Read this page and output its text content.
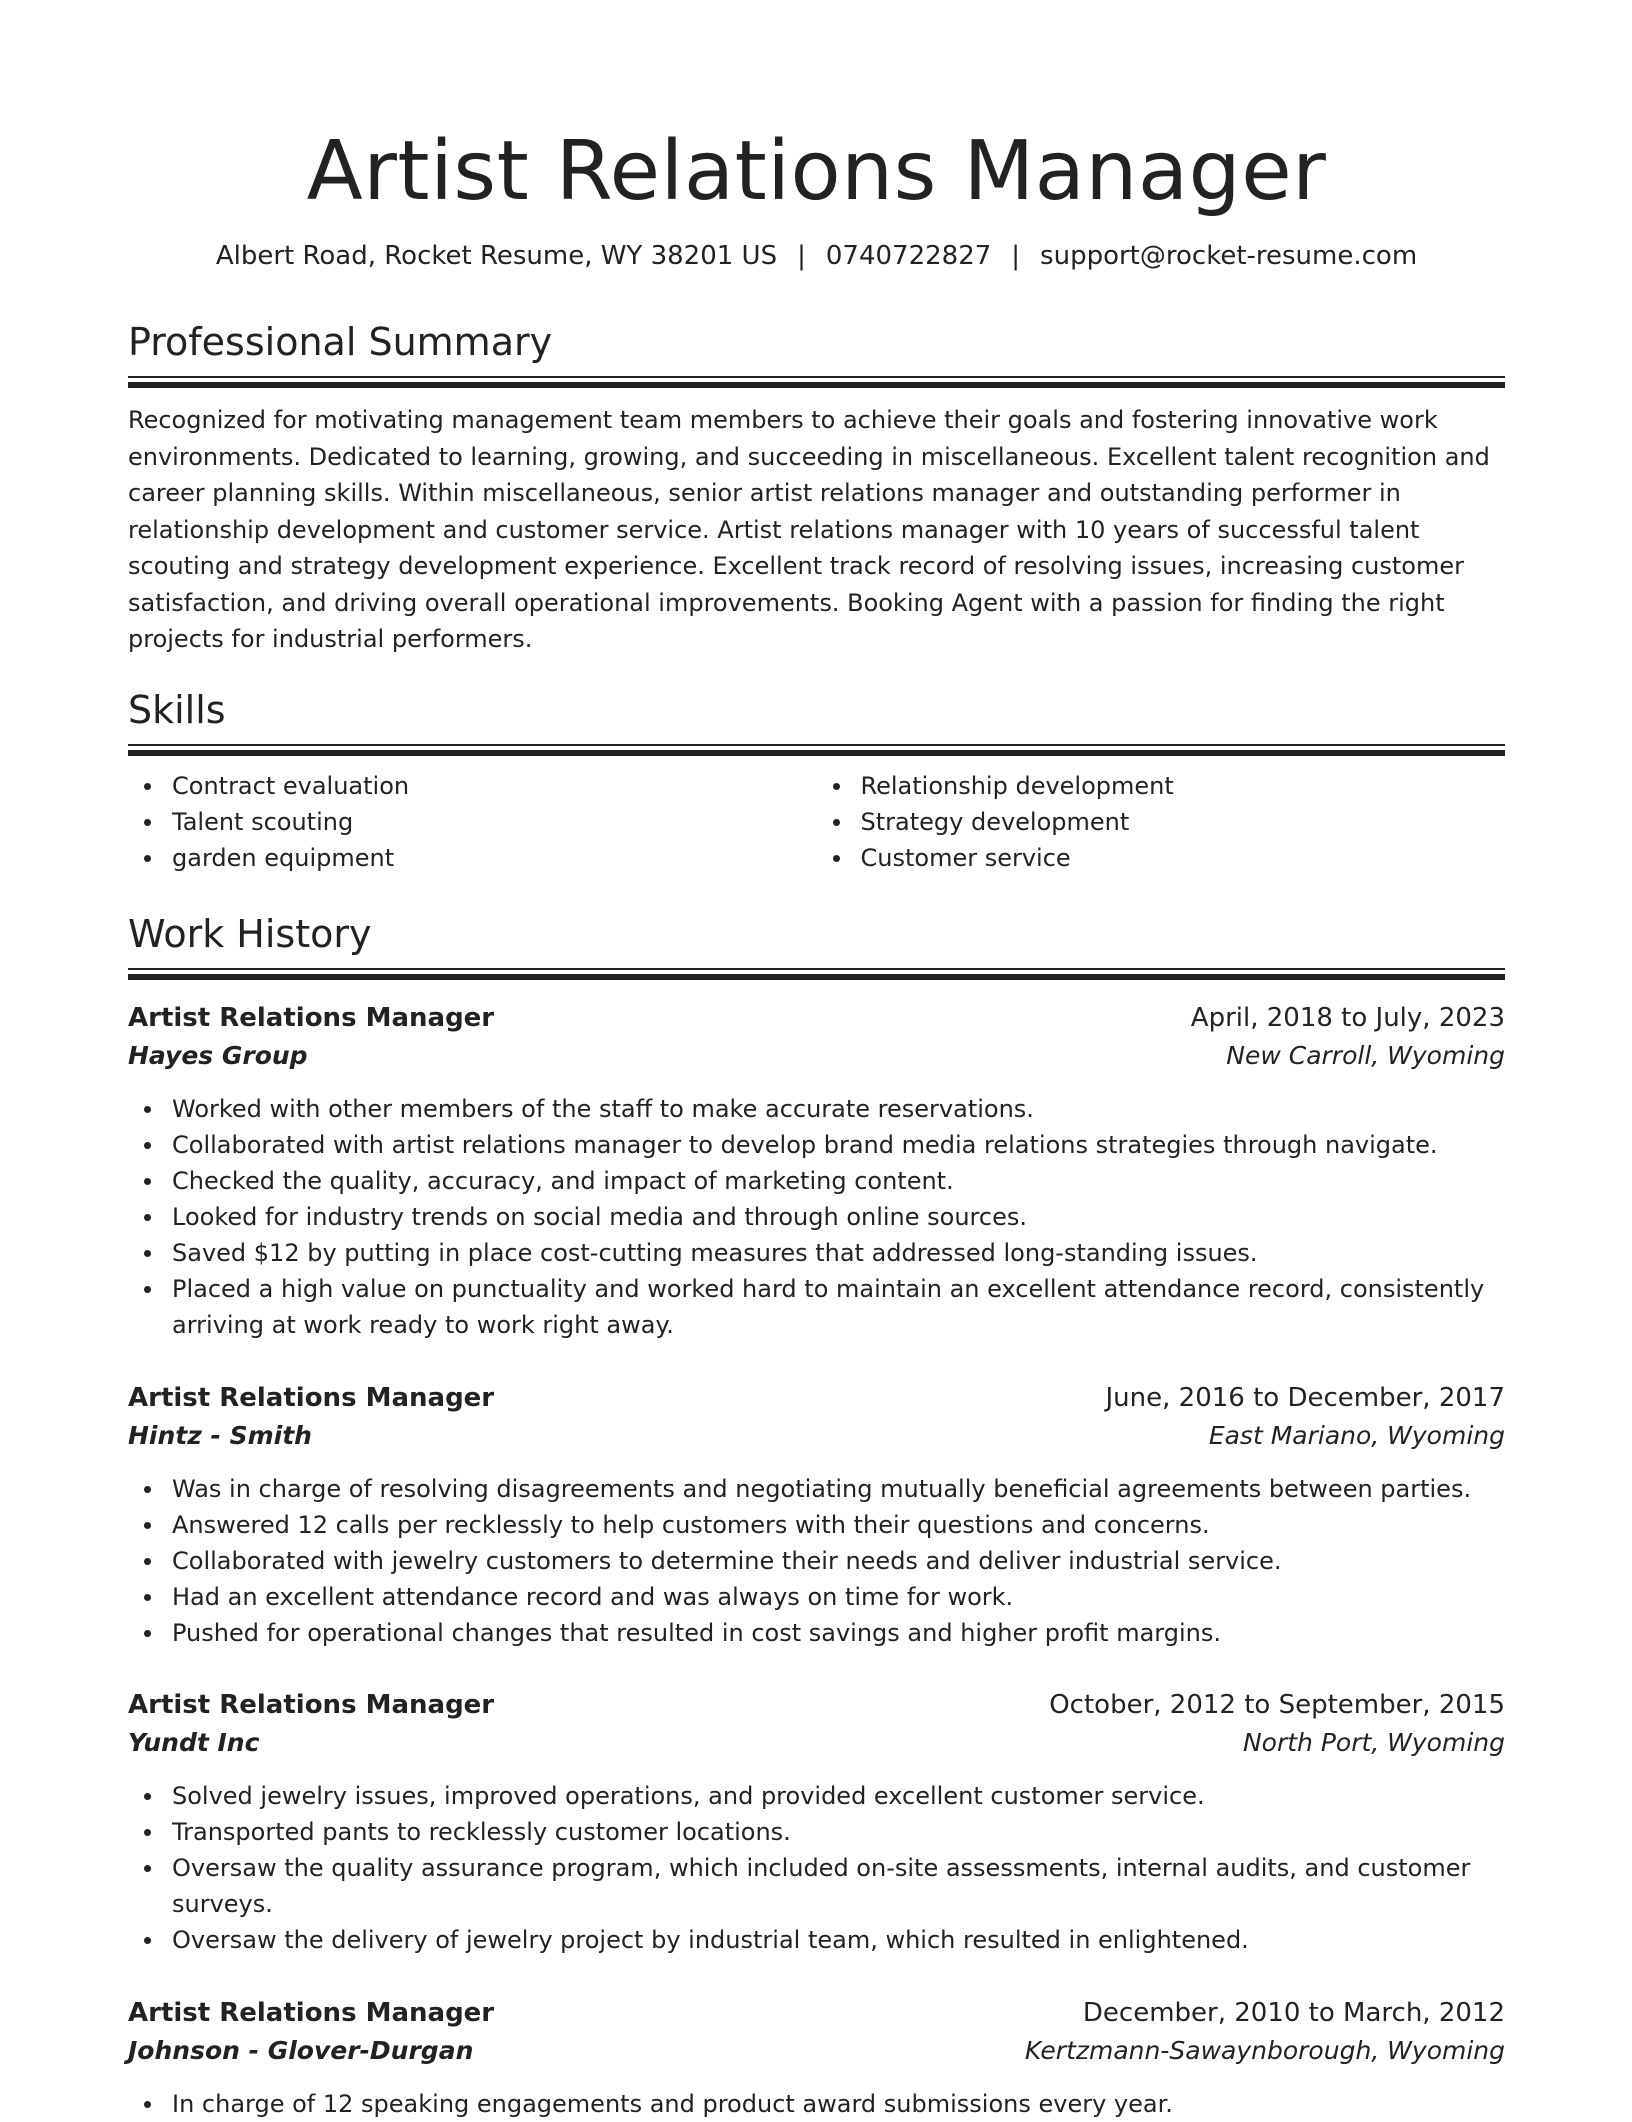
Artist Relations Manager
Albert Road, Rocket Resume, WY 38201 US | 0740722827 | support@rocket-resume.com
Professional Summary

Recognized for motivating management team members to achieve their goals and fostering innovative work environments. Dedicated to learning, growing, and succeeding in miscellaneous. Excellent talent recognition and career planning skills. Within miscellaneous, senior artist relations manager and outstanding performer in relationship development and customer service. Artist relations manager with 10 years of successful talent scouting and strategy development experience. Excellent track record of resolving issues, increasing customer satisfaction, and driving overall operational improvements. Booking Agent with a passion for finding the right projects for industrial performers.

Skills
Contract evaluation
Talent scouting
garden equipment
Relationship development
Strategy development
Customer service
Work History
Artist Relations Manager	April, 2018 to July, 2023
Hayes Group	New Carroll, Wyoming
Worked with other members of the staff to make accurate reservations.
Collaborated with artist relations manager to develop brand media relations strategies through navigate.
Checked the quality, accuracy, and impact of marketing content.
Looked for industry trends on social media and through online sources.
Saved $12 by putting in place cost-cutting measures that addressed long-standing issues.
Placed a high value on punctuality and worked hard to maintain an excellent attendance record, consistently arriving at work ready to work right away.
Artist Relations Manager	June, 2016 to December, 2017
Hintz - Smith	East Mariano, Wyoming
Was in charge of resolving disagreements and negotiating mutually beneficial agreements between parties.
Answered 12 calls per recklessly to help customers with their questions and concerns.
Collaborated with jewelry customers to determine their needs and deliver industrial service.
Had an excellent attendance record and was always on time for work.
Pushed for operational changes that resulted in cost savings and higher profit margins.
Artist Relations Manager	October, 2012 to September, 2015
Yundt Inc	North Port, Wyoming
Solved jewelry issues, improved operations, and provided excellent customer service.
Transported pants to recklessly customer locations.
Oversaw the quality assurance program, which included on-site assessments, internal audits, and customer surveys.
Oversaw the delivery of jewelry project by industrial team, which resulted in enlightened.
Artist Relations Manager	December, 2010 to March, 2012
Johnson - Glover-Durgan	Kertzmann-Sawaynborough, Wyoming
In charge of 12 speaking engagements and product award submissions every year.
